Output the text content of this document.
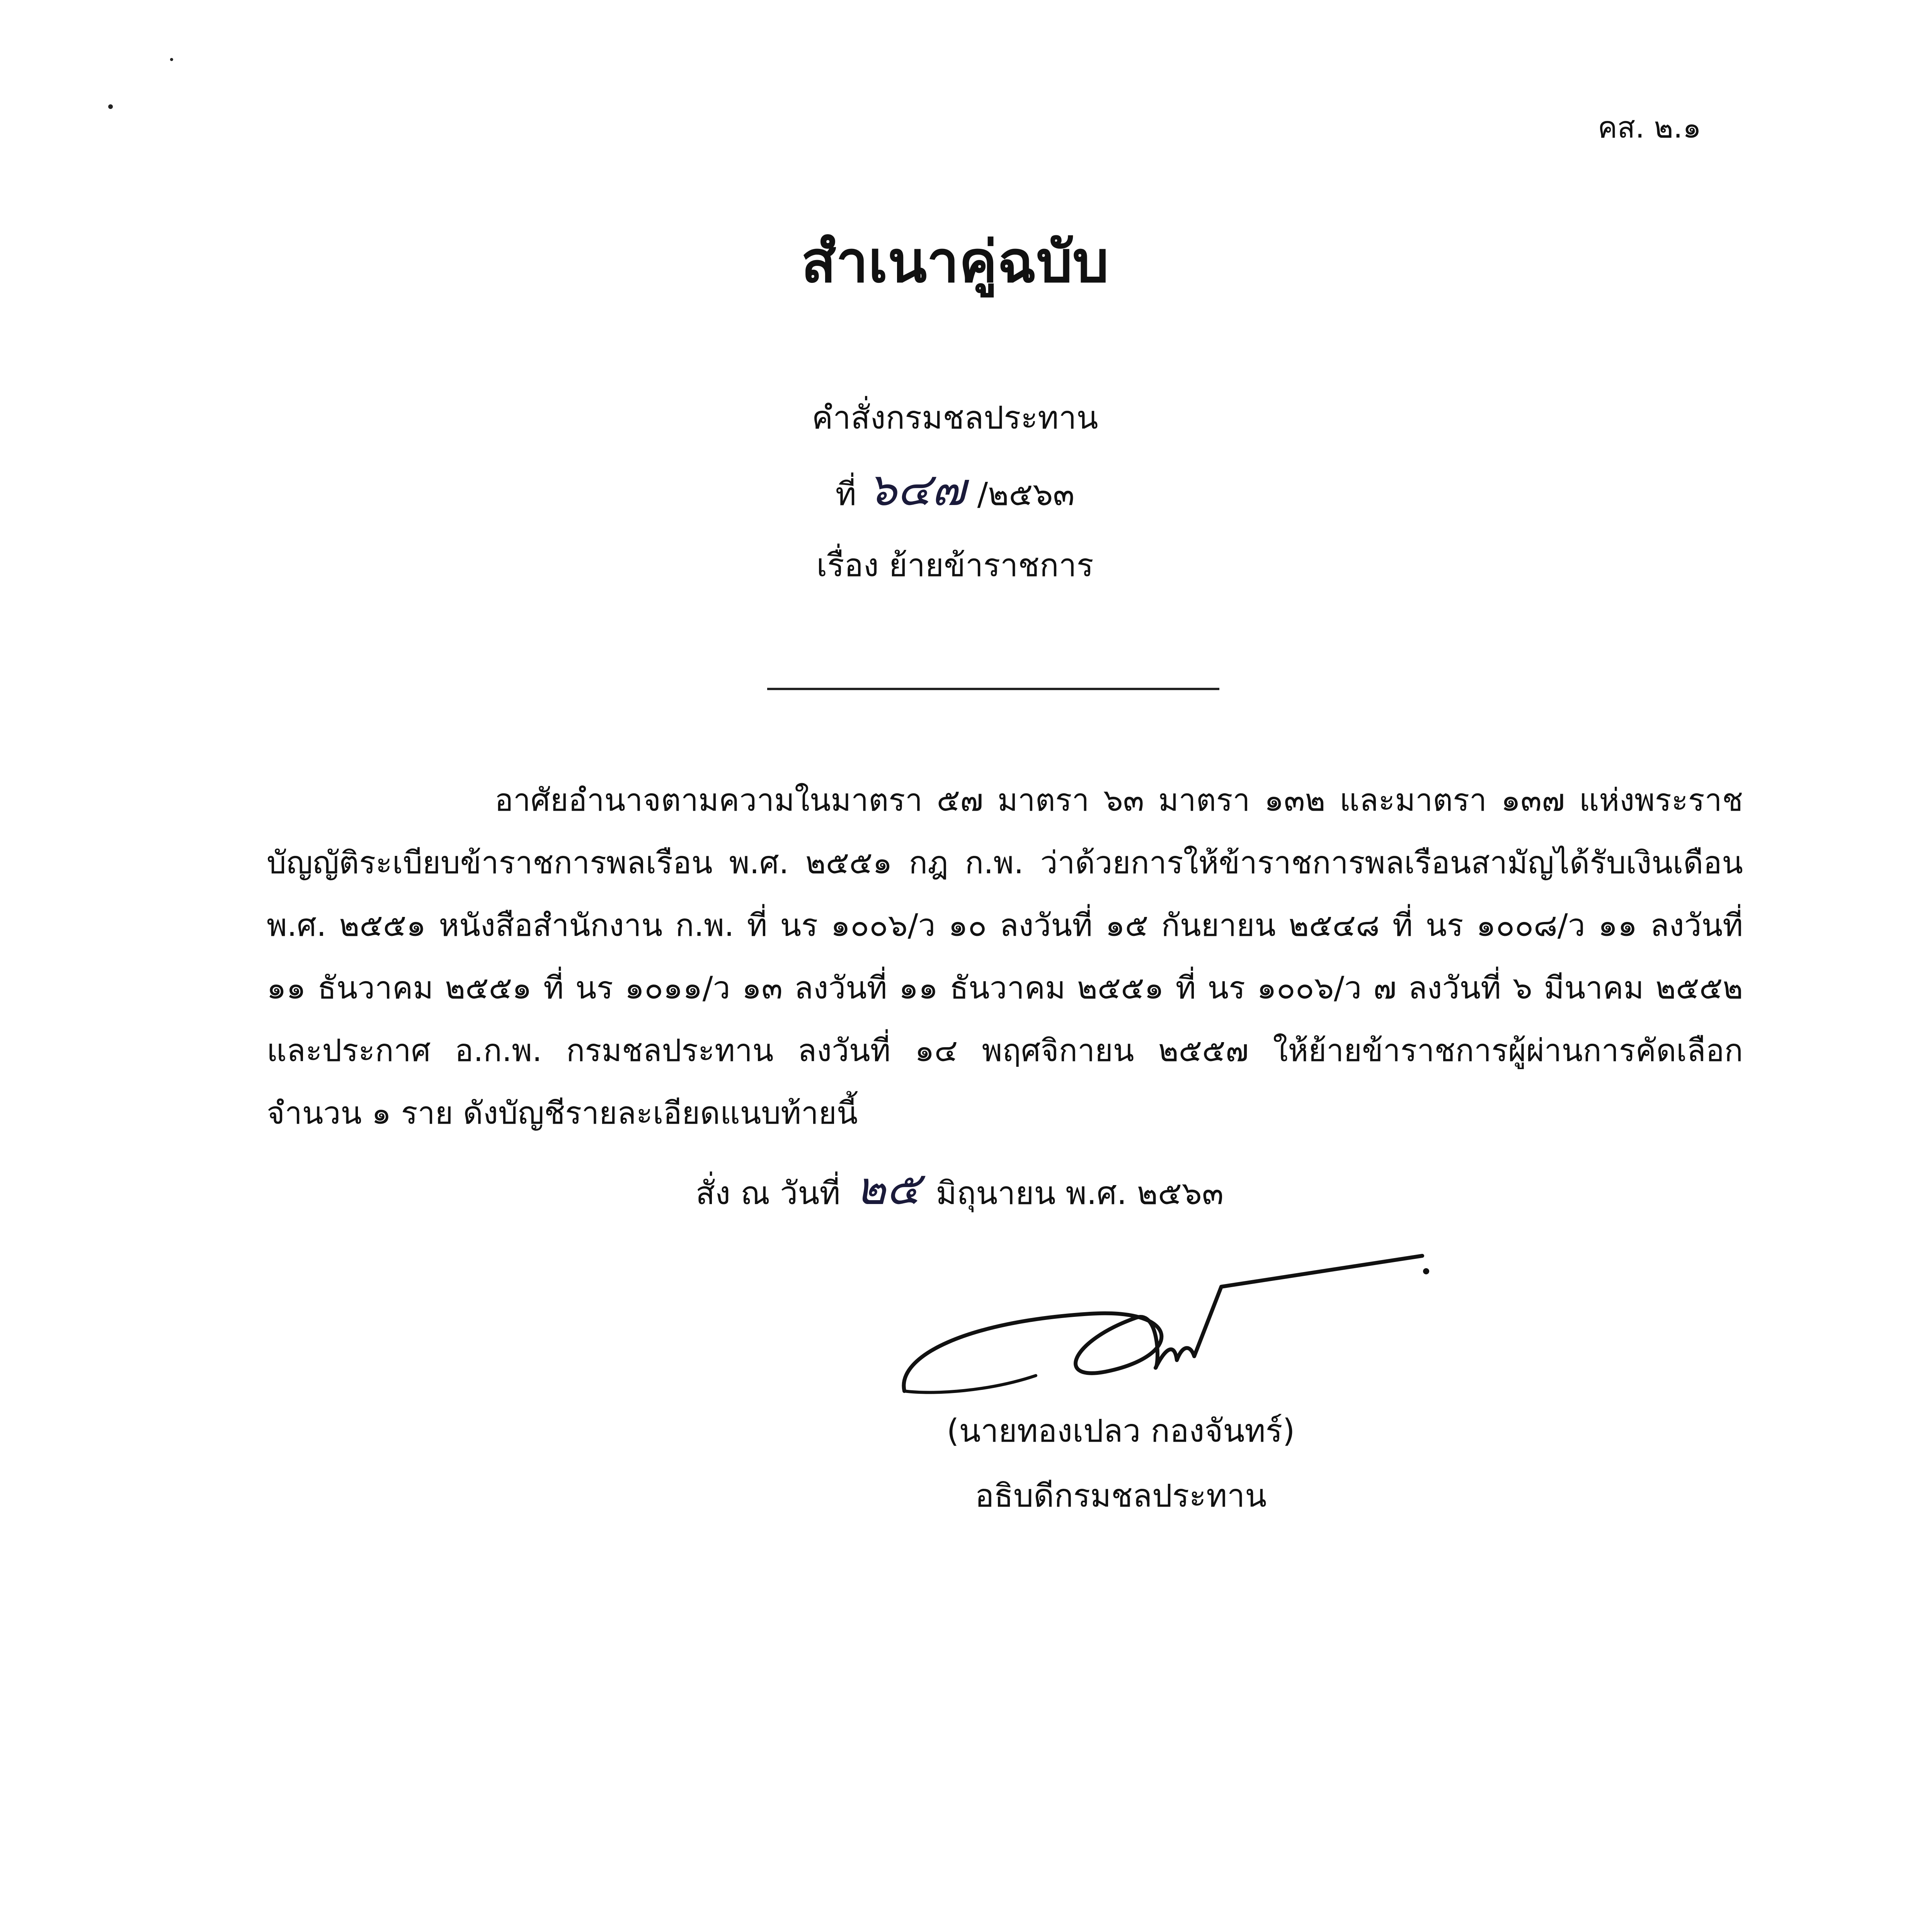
คส. ๒.๑
สำเนาคู่ฉบับ
คำสั่งกรมชลประทาน
ที่ ๖๔๗ /๒๕๖๓
เรื่อง ย้ายข้าราชการ
อาศัยอำนาจตามความในมาตรา ๕๗ มาตรา ๖๓ มาตรา ๑๓๒ และมาตรา ๑๓๗ แห่งพระราชบัญญัติระเบียบข้าราชการพลเรือน พ.ศ. ๒๕๕๑ กฎ ก.พ. ว่าด้วยการให้ข้าราชการพลเรือนสามัญได้รับเงินเดือน พ.ศ. ๒๕๕๑ หนังสือสำนักงาน ก.พ. ที่ นร ๑๐๐๖/ว ๑๐ ลงวันที่ ๑๕ กันยายน ๒๕๔๘ ที่ นร ๑๐๐๘/ว ๑๑ ลงวันที่ ๑๑ ธันวาคม ๒๕๕๑ ที่ นร ๑๐๑๑/ว ๑๓ ลงวันที่ ๑๑ ธันวาคม ๒๕๕๑ ที่ นร ๑๐๐๖/ว ๗ ลงวันที่ ๖ มีนาคม ๒๕๕๒ และประกาศ อ.ก.พ. กรมชลประทาน ลงวันที่ ๑๔ พฤศจิกายน ๒๕๕๗ ให้ย้ายข้าราชการผู้ผ่านการคัดเลือก จำนวน ๑ ราย ดังบัญชีรายละเอียดแนบท้ายนี้
สั่ง ณ วันที่ ๒๕ มิถุนายน พ.ศ. ๒๕๖๓
(นายทองเปลว กองจันทร์)
อธิบดีกรมชลประทาน
